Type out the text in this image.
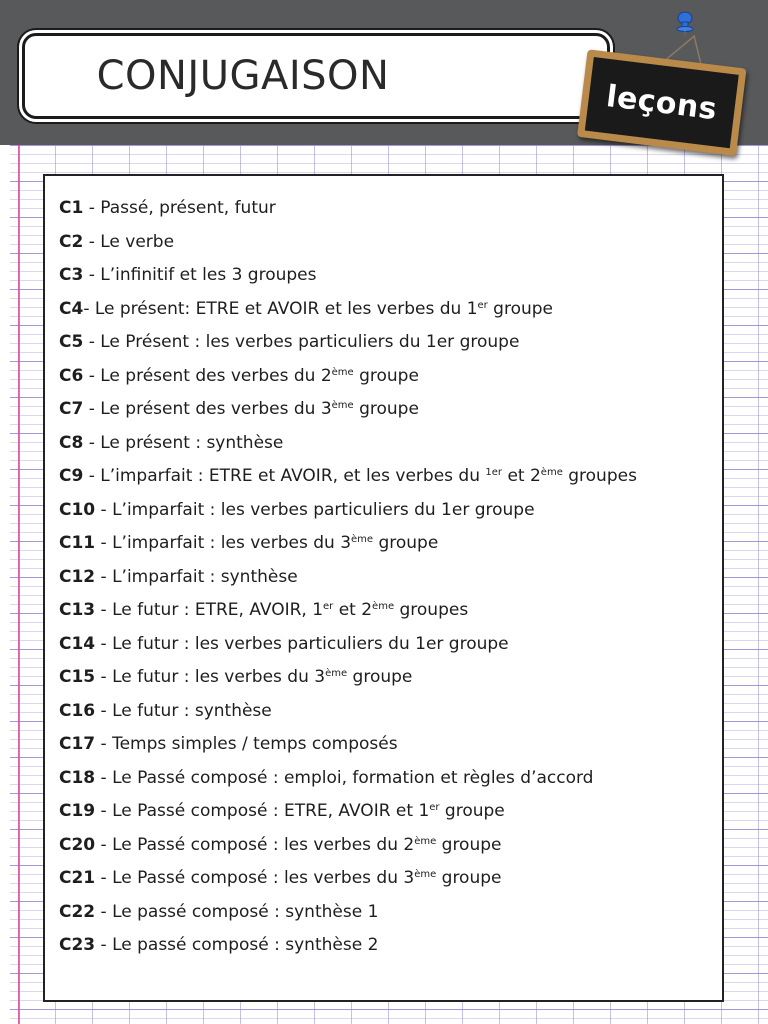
CONJUGAISON
leçons
C1 - Passé, présent, futur
C2 - Le verbe
C3 - L’infinitif et les 3 groupes
C4- Le présent: ETRE et AVOIR et les verbes du 1er groupe
C5 - Le Présent : les verbes particuliers du 1er groupe
C6 - Le présent des verbes du 2ème groupe
C7 - Le présent des verbes du 3ème groupe
C8 - Le présent : synthèse
C9 - L’imparfait : ETRE et AVOIR, et les verbes du $^{1er}$ et 2ème groupes
C10 - L’imparfait : les verbes particuliers du 1er groupe
C11 - L’imparfait : les verbes du 3ème groupe
C12 - L’imparfait : synthèse
C13 - Le futur : ETRE, AVOIR, 1er et 2ème groupes
C14 - Le futur : les verbes particuliers du 1er groupe
C15 - Le futur : les verbes du 3ème groupe
C16 - Le futur : synthèse
C17 - Temps simples / temps composés
C18 - Le Passé composé : emploi, formation et règles d’accord
C19 - Le Passé composé : ETRE, AVOIR et 1er groupe
C20 - Le Passé composé : les verbes du 2ème groupe
C21 - Le Passé composé : les verbes du 3ème groupe
C22 - Le passé composé : synthèse 1
C23 - Le passé composé : synthèse 2
